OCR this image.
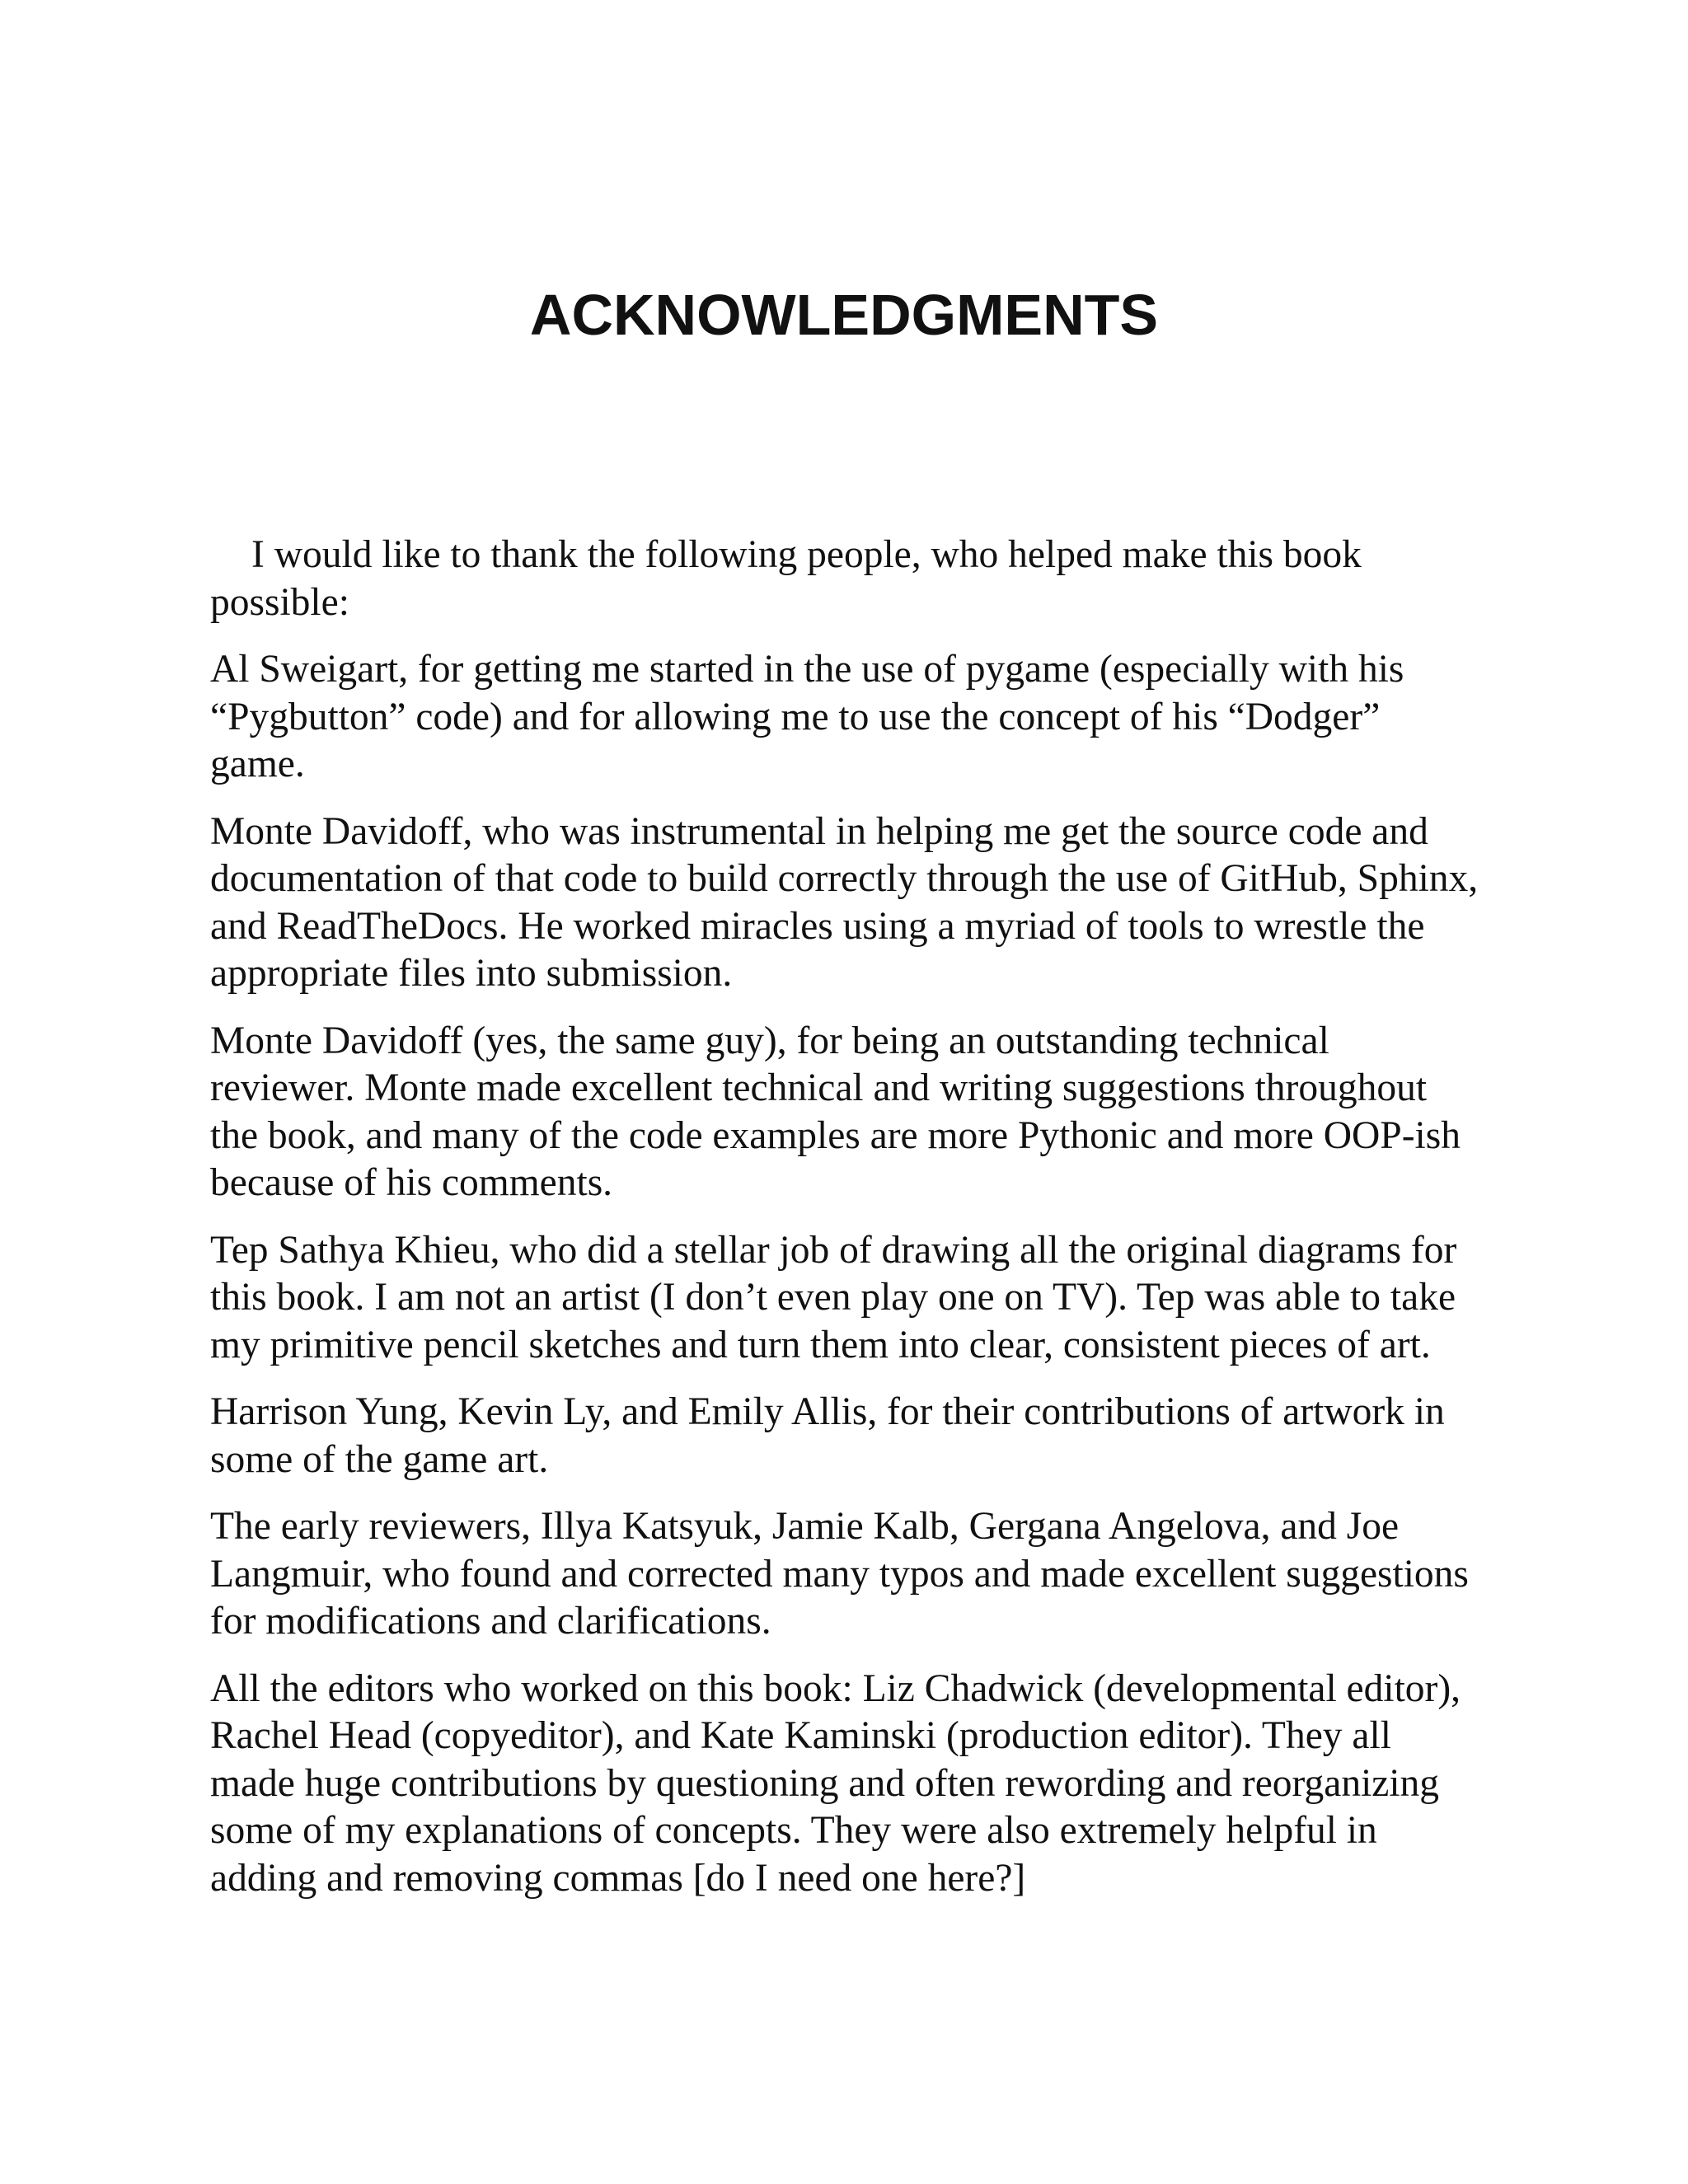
ACKNOWLEDGMENTS

I would like to thank the following people, who helped make this book possible:

Al Sweigart, for getting me started in the use of pygame (especially with his “Pygbutton” code) and for allowing me to use the concept of his “Dodger” game.

Monte Davidoff, who was instrumental in helping me get the source code and documentation of that code to build correctly through the use of GitHub, Sphinx, and ReadTheDocs. He worked miracles using a myriad of tools to wrestle the appropriate files into submission.

Monte Davidoff (yes, the same guy), for being an outstanding technical reviewer. Monte made excellent technical and writing suggestions throughout the book, and many of the code examples are more Pythonic and more OOP-ish because of his comments.

Tep Sathya Khieu, who did a stellar job of drawing all the original diagrams for this book. I am not an artist (I don’t even play one on TV). Tep was able to take my primitive pencil sketches and turn them into clear, consistent pieces of art.

Harrison Yung, Kevin Ly, and Emily Allis, for their contributions of artwork in some of the game art.

The early reviewers, Illya Katsyuk, Jamie Kalb, Gergana Angelova, and Joe Langmuir, who found and corrected many typos and made excellent suggestions for modifications and clarifications.

All the editors who worked on this book: Liz Chadwick (developmental editor), Rachel Head (copyeditor), and Kate Kaminski (production editor). They all made huge contributions by questioning and often rewording and reorganizing some of my explanations of concepts. They were also extremely helpful in adding and removing commas [do I need one here?]
